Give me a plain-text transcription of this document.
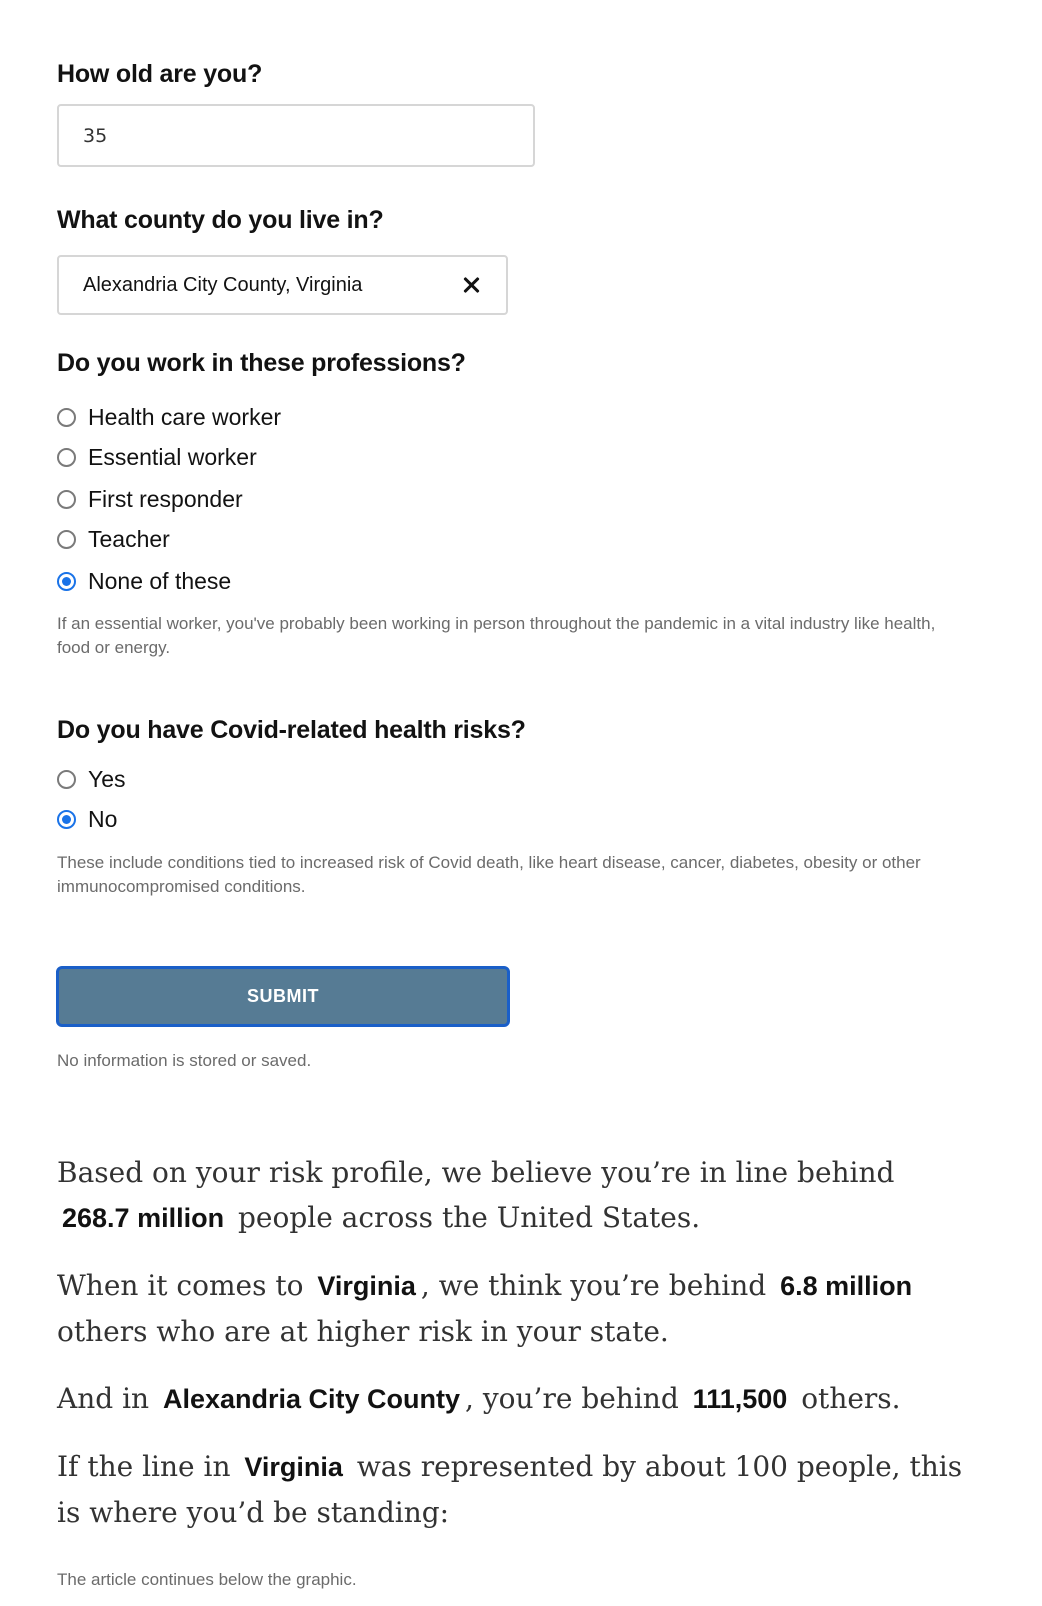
How old are you?
35
What county do you live in?
Alexandria City County, Virginia
Do you work in these professions?
Health care worker
Essential worker
First responder
Teacher
None of these
If an essential worker, you've probably been working in person throughout the pandemic in a vital industry like health, food or energy.
Do you have Covid-related health risks?
Yes
No
These include conditions tied to increased risk of Covid death, like heart disease, cancer, diabetes, obesity or other immunocompromised conditions.
SUBMIT
No information is stored or saved.

Based on your risk profile, we believe you’re in line behind
268.7 million people across the United States.

When it comes to Virginia , we think you’re behind 6.8 million
others who are at higher risk in your state.

And in Alexandria City County , you’re behind 111,500 others.

If the line in Virginia was represented by about 100 people, this is where you’d be standing:

The article continues below the graphic.
